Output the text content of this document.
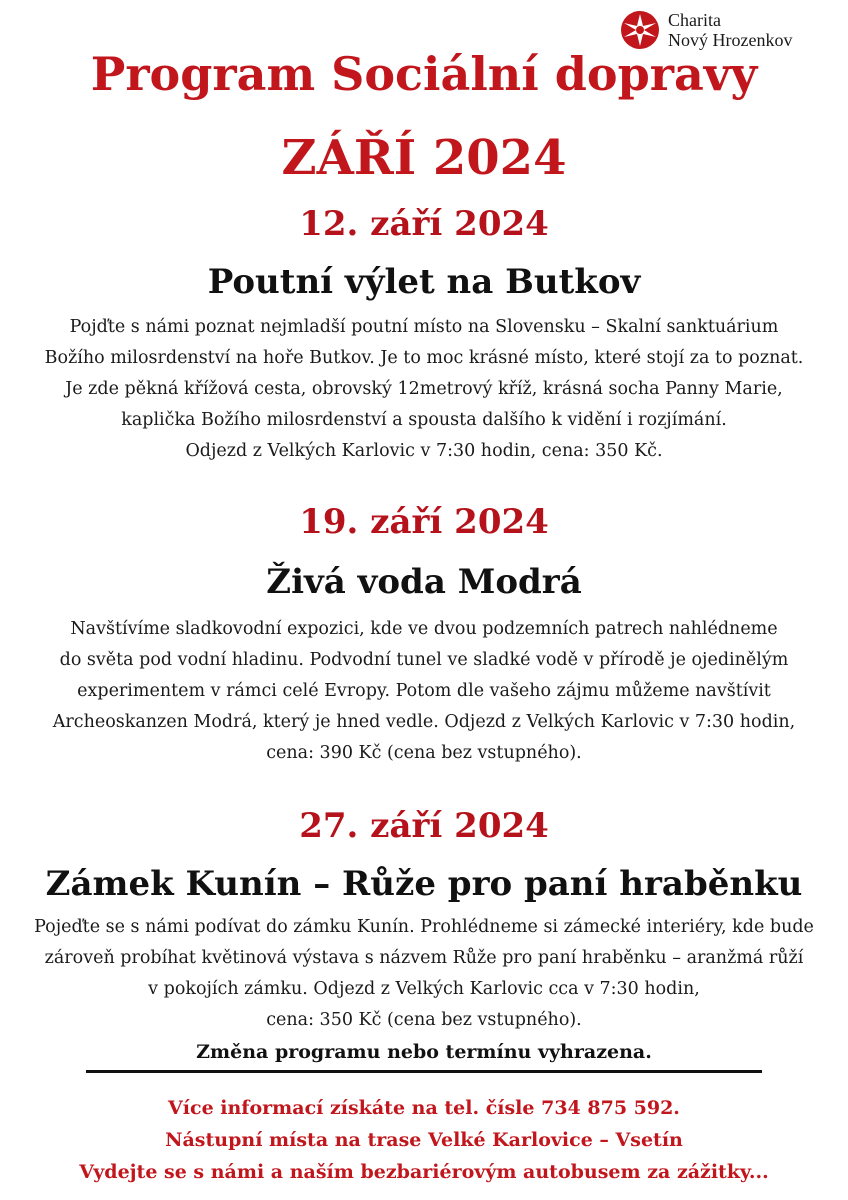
Charita
Nový Hrozenkov
Program Sociální dopravy
ZÁŘÍ 2024
12. září 2024
Poutní výlet na Butkov
Pojďte s námi poznat nejmladší poutní místo na Slovensku – Skalní sanktuárium
Božího milosrdenství na hoře Butkov. Je to moc krásné místo, které stojí za to poznat.
Je zde pěkná křížová cesta, obrovský 12metrový kříž, krásná socha Panny Marie,
kaplička Božího milosrdenství a spousta dalšího k vidění i rozjímání.
Odjezd z Velkých Karlovic v 7:30 hodin, cena: 350 Kč.
19. září 2024
Živá voda Modrá
Navštívíme sladkovodní expozici, kde ve dvou podzemních patrech nahlédneme
do světa pod vodní hladinu. Podvodní tunel ve sladké vodě v přírodě je ojedinělým
experimentem v rámci celé Evropy. Potom dle vašeho zájmu můžeme navštívit
Archeoskanzen Modrá, který je hned vedle. Odjezd z Velkých Karlovic v 7:30 hodin,
cena: 390 Kč (cena bez vstupného).
27. září 2024
Zámek Kunín – Růže pro paní hraběnku
Pojeďte se s námi podívat do zámku Kunín. Prohlédneme si zámecké interiéry, kde bude
zároveň probíhat květinová výstava s názvem Růže pro paní hraběnku – aranžmá růží
v pokojích zámku. Odjezd z Velkých Karlovic cca v 7:30 hodin,
cena: 350 Kč (cena bez vstupného).
Změna programu nebo termínu vyhrazena.
Více informací získáte na tel. čísle 734 875 592.
Nástupní místa na trase Velké Karlovice – Vsetín
Vydejte se s námi a naším bezbariérovým autobusem za zážitky...
